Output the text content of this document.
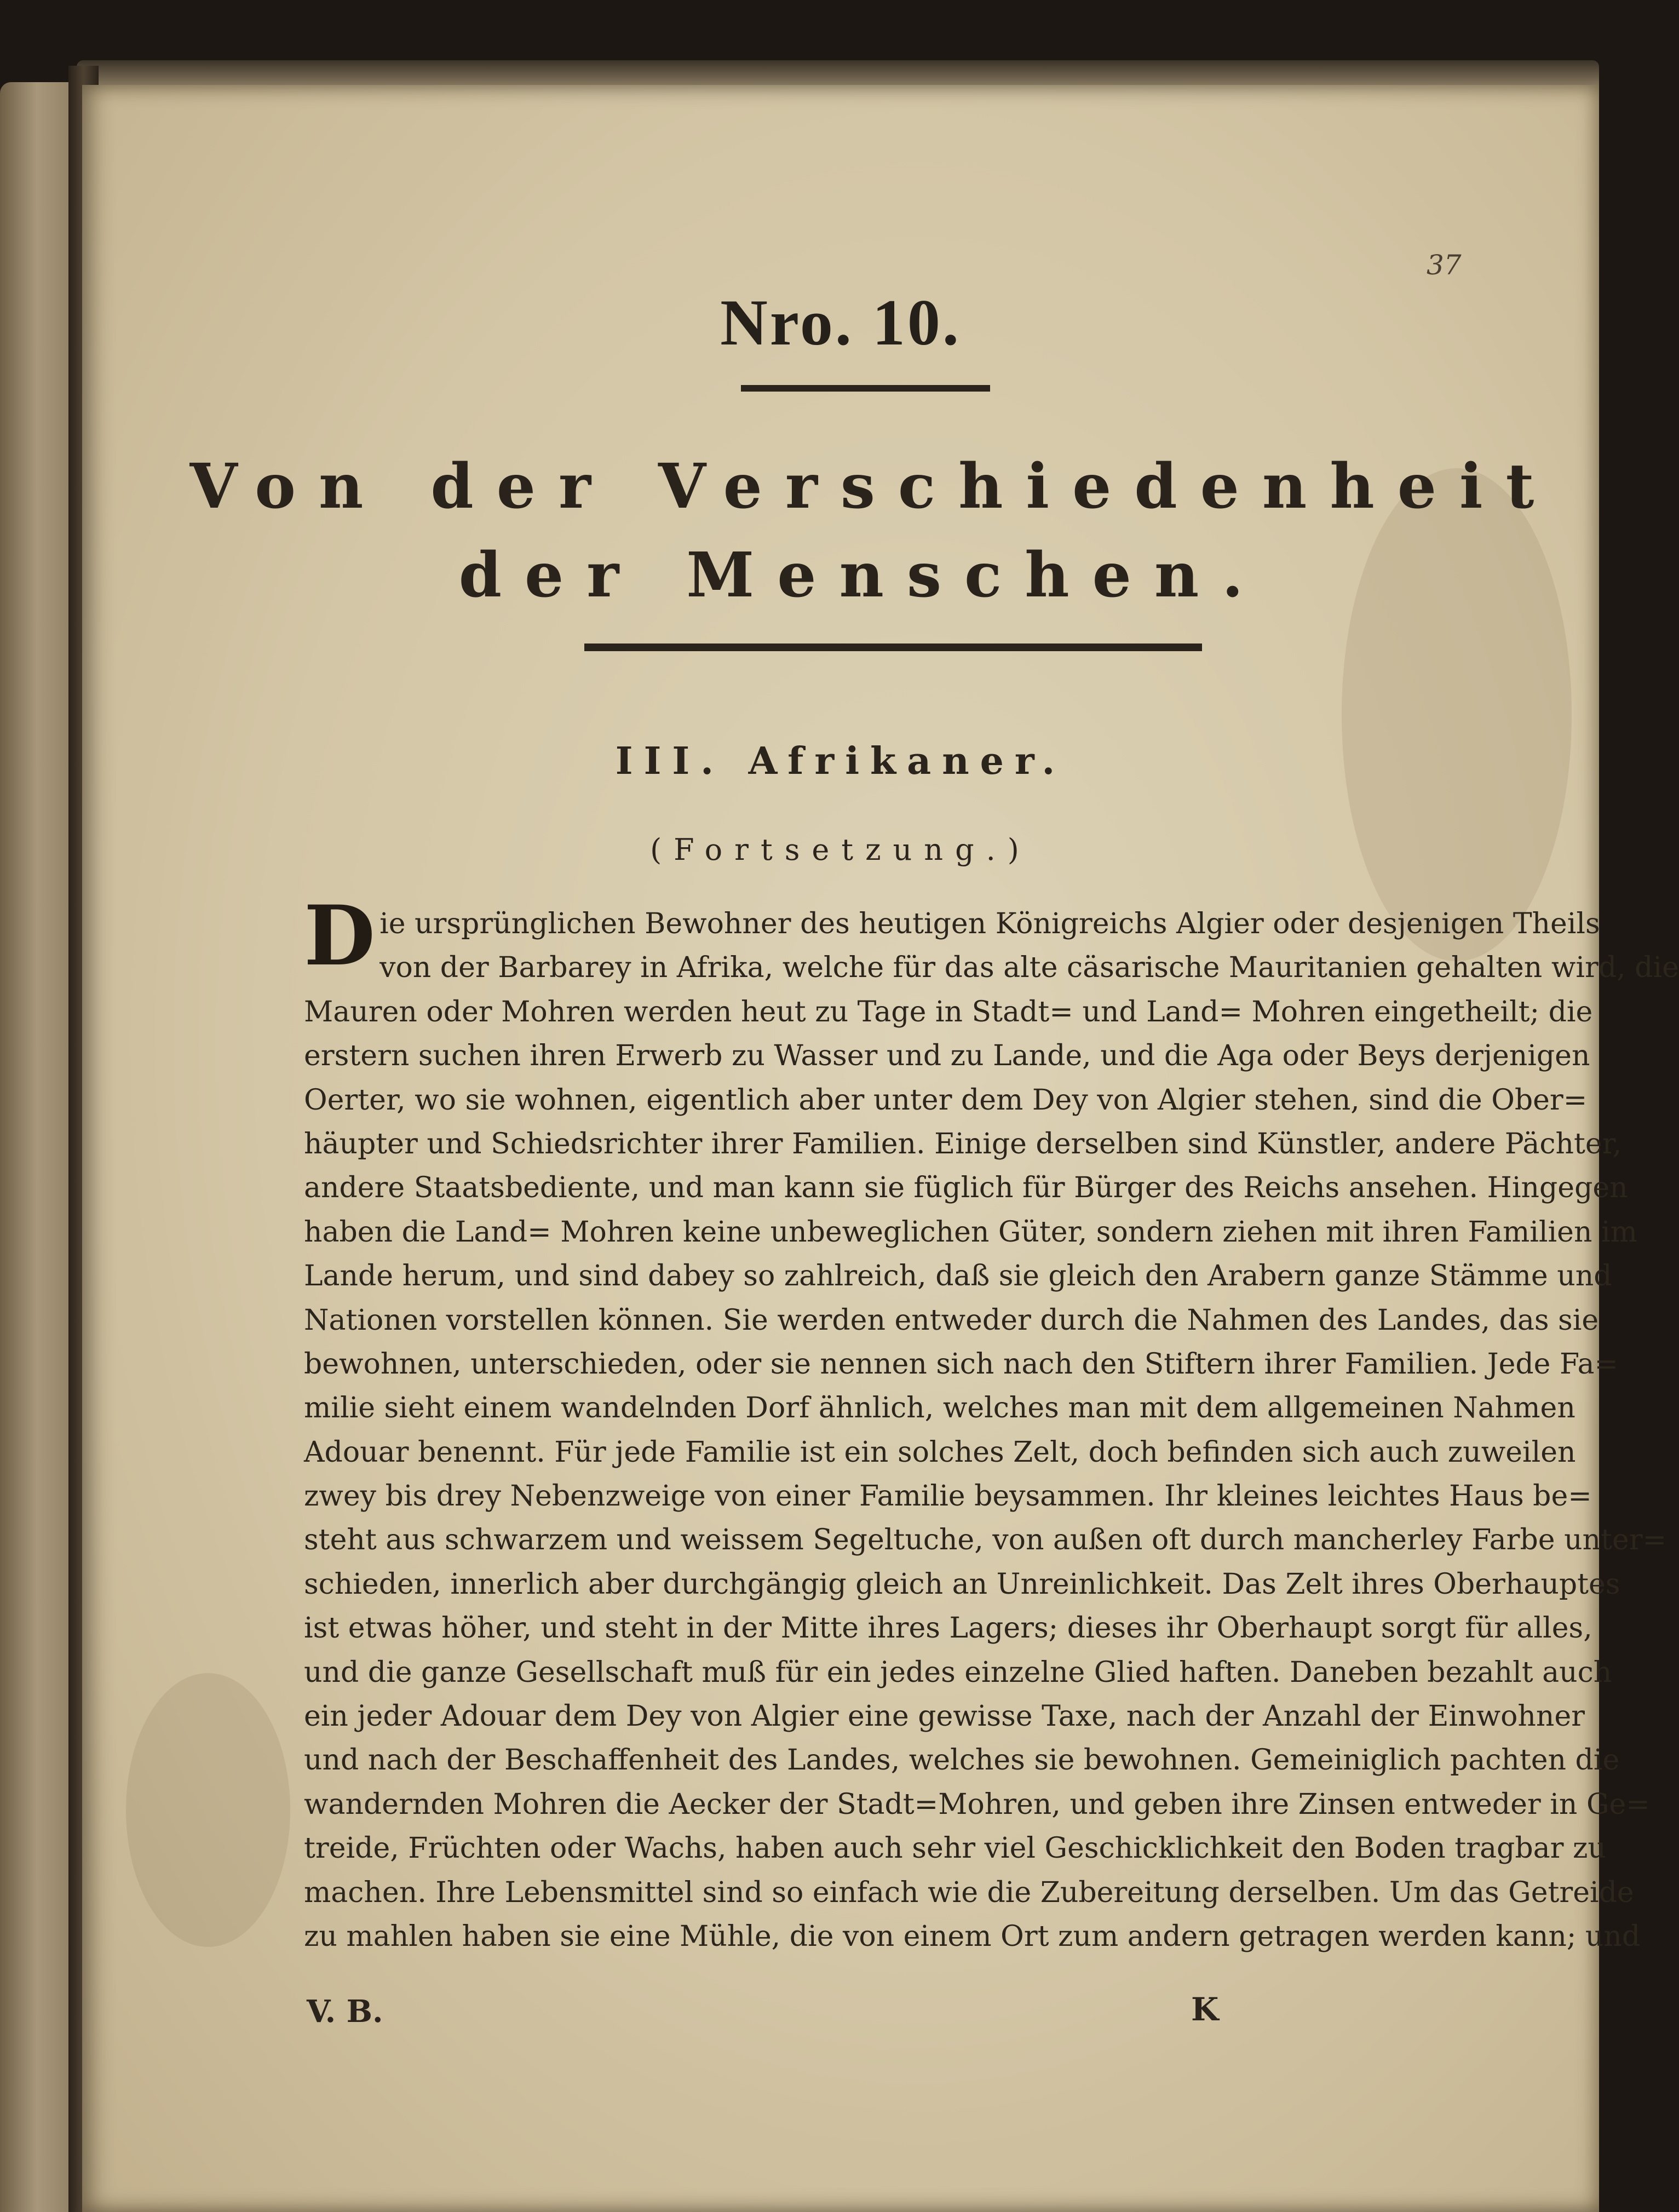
37
Nro. 10.
Von der Verschiedenheit
der Menschen.
III. Afrikaner.
(Fortsetzung.)
D ie ursprünglichen Bewohner des heutigen Königreichs Algier oder desjenigen Theils
von der Barbarey in Afrika, welche für das alte cäsarische Mauritanien gehalten wird, die
Mauren oder Mohren werden heut zu Tage in Stadt= und Land= Mohren eingetheilt; die
erstern suchen ihren Erwerb zu Wasser und zu Lande, und die Aga oder Beys derjenigen
Oerter, wo sie wohnen, eigentlich aber unter dem Dey von Algier stehen, sind die Ober=
häupter und Schiedsrichter ihrer Familien. Einige derselben sind Künstler, andere Pächter,
andere Staatsbediente, und man kann sie füglich für Bürger des Reichs ansehen. Hingegen
haben die Land= Mohren keine unbeweglichen Güter, sondern ziehen mit ihren Familien im
Lande herum, und sind dabey so zahlreich, daß sie gleich den Arabern ganze Stämme und
Nationen vorstellen können. Sie werden entweder durch die Nahmen des Landes, das sie
bewohnen, unterschieden, oder sie nennen sich nach den Stiftern ihrer Familien. Jede Fa=
milie sieht einem wandelnden Dorf ähnlich, welches man mit dem allgemeinen Nahmen
Adouar benennt. Für jede Familie ist ein solches Zelt, doch befinden sich auch zuweilen
zwey bis drey Nebenzweige von einer Familie beysammen. Ihr kleines leichtes Haus be=
steht aus schwarzem und weissem Segeltuche, von außen oft durch mancherley Farbe unter=
schieden, innerlich aber durchgängig gleich an Unreinlichkeit. Das Zelt ihres Oberhauptes
ist etwas höher, und steht in der Mitte ihres Lagers; dieses ihr Oberhaupt sorgt für alles,
und die ganze Gesellschaft muß für ein jedes einzelne Glied haften. Daneben bezahlt auch
ein jeder Adouar dem Dey von Algier eine gewisse Taxe, nach der Anzahl der Einwohner
und nach der Beschaffenheit des Landes, welches sie bewohnen. Gemeiniglich pachten die
wandernden Mohren die Aecker der Stadt=Mohren, und geben ihre Zinsen entweder in Ge=
treide, Früchten oder Wachs, haben auch sehr viel Geschicklichkeit den Boden tragbar zu
machen. Ihre Lebensmittel sind so einfach wie die Zubereitung derselben. Um das Getreide
zu mahlen haben sie eine Mühle, die von einem Ort zum andern getragen werden kann; und
V. B.	K
